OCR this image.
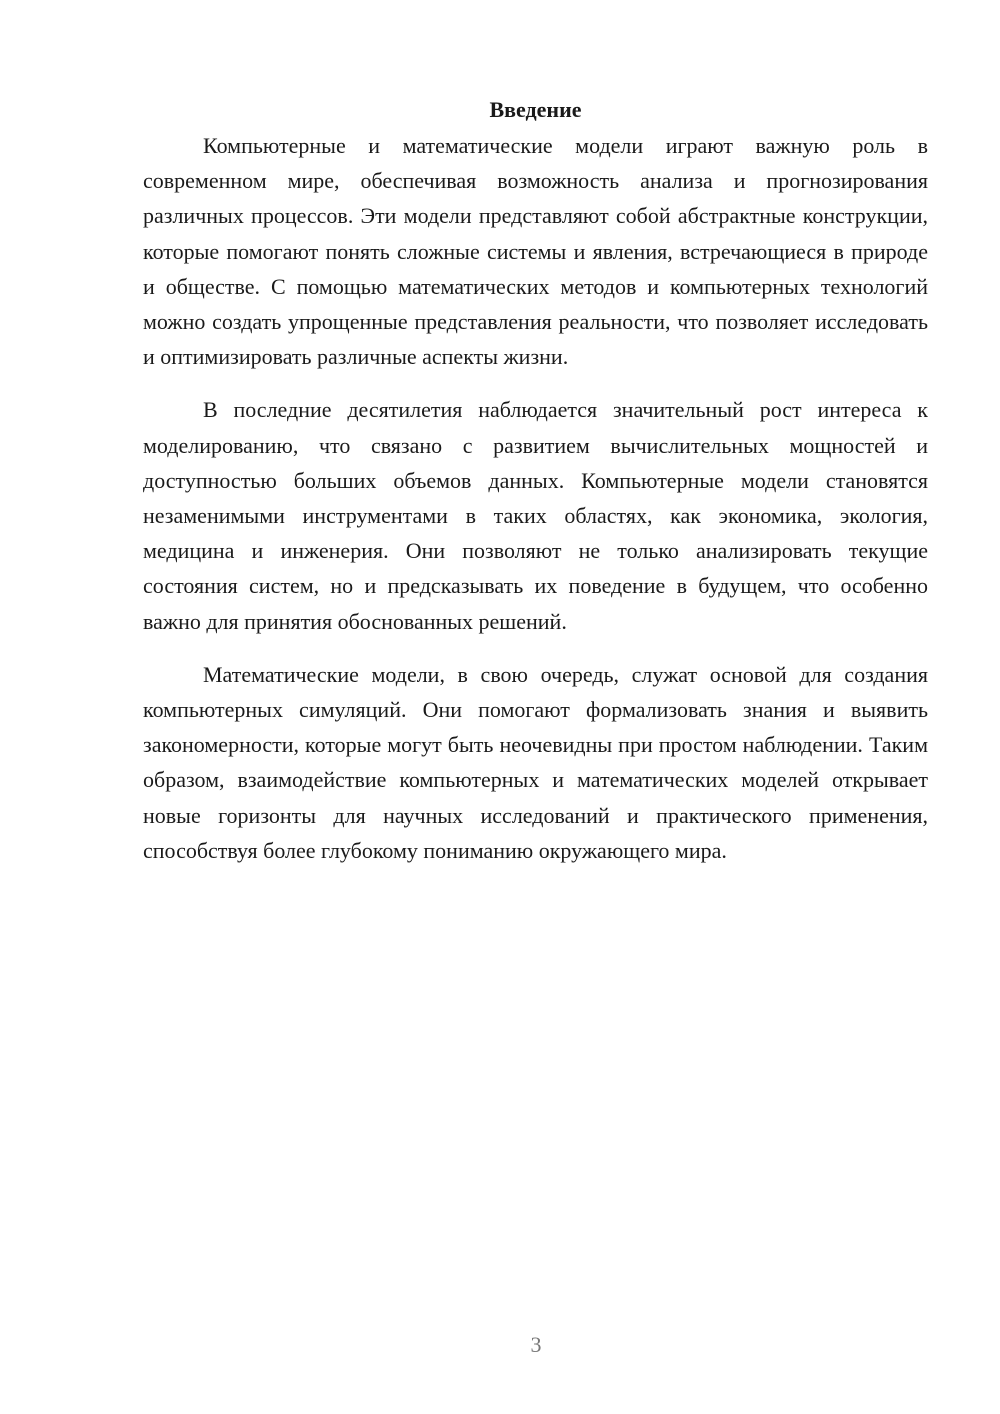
Введение

Компьютерные и математические модели играют важную роль в современном мире, обеспечивая возможность анализа и прогнозирования различных процессов. Эти модели представляют собой абстрактные конструкции, которые помогают понять сложные системы и явления, встречающиеся в природе и обществе. С помощью математических методов и компьютерных технологий можно создать упрощенные представления реальности, что позволяет исследовать и оптимизировать различные аспекты жизни.

В последние десятилетия наблюдается значительный рост интереса к моделированию, что связано с развитием вычислительных мощностей и доступностью больших объемов данных. Компьютерные модели становятся незаменимыми инструментами в таких областях, как экономика, экология, медицина и инженерия. Они позволяют не только анализировать текущие состояния систем, но и предсказывать их поведение в будущем, что особенно важно для принятия обоснованных решений.

Математические модели, в свою очередь, служат основой для создания компьютерных симуляций. Они помогают формализовать знания и выявить закономерности, которые могут быть неочевидны при простом наблюдении. Таким образом, взаимодействие компьютерных и математических моделей открывает новые горизонты для научных исследований и практического применения, способствуя более глубокому пониманию окружающего мира.

3
